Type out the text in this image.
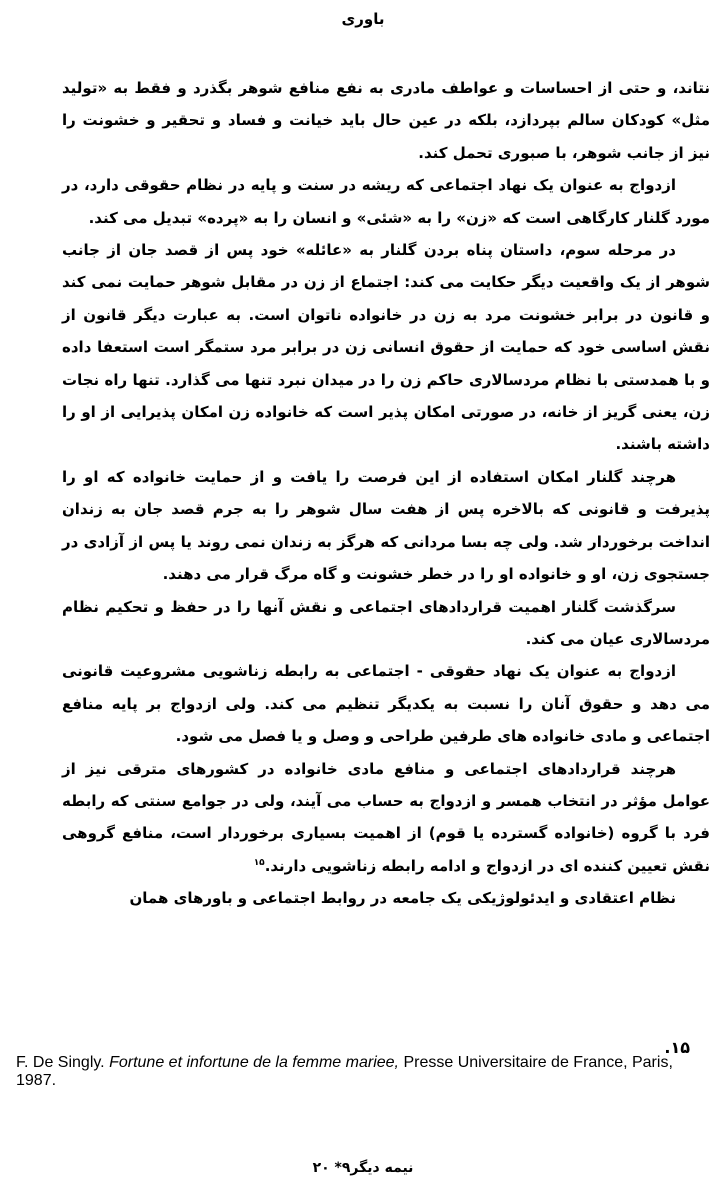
باوری

نتاند، و حتی از احساسات و عواطف مادری به نفع منافع شوهر بگذرد و فقط به «تولید مثل» کودکان سالم بپردازد، بلکه در عین حال باید خیانت و فساد و تحقیر و خشونت را نیز از جانب شوهر، با صبوری تحمل کند.

ازدواج به عنوان یک نهاد اجتماعی که ریشه در سنت و پایه در نظام حقوقی دارد، در مورد گلنار کارگاهی است که «زن» را به «شئی» و انسان را به «پرده» تبدیل می کند.

در مرحله سوم، داستان پناه بردن گلنار به «عائله» خود پس از قصد جان از جانب شوهر از یک واقعیت دیگر حکایت می کند: اجتماع از زن در مقابل شوهر حمایت نمی کند و قانون در برابر خشونت مرد به زن در خانواده ناتوان است. به عبارت دیگر قانون از نقش اساسی خود که حمایت از حقوق انسانی زن در برابر مرد ستمگر است استعفا داده و با همدستی با نظام مردسالاری حاکم زن را در میدان نبرد تنها می گذارد. تنها راه نجات زن، یعنی گریز از خانه، در صورتی امکان پذیر است که خانواده زن امکان پذیرایی از او را داشته باشند.

هرچند گلنار امکان استفاده از این فرصت را یافت و از حمایت خانواده که او را پذیرفت و قانونی که بالاخره پس از هفت سال شوهر را به جرم قصد جان به زندان انداخت برخوردار شد. ولی چه بسا مردانی که هرگز به زندان نمی روند یا پس از آزادی در جستجوی زن، او و خانواده او را در خطر خشونت و گاه مرگ قرار می دهند.

سرگذشت گلنار اهمیت قراردادهای اجتماعی و نقش آنها را در حفظ و تحکیم نظام مردسالاری عیان می کند.

ازدواج به عنوان یک نهاد حقوقی - اجتماعی به رابطه زناشویی مشروعیت قانونی می دهد و حقوق آنان را نسبت به یکدیگر تنظیم می کند. ولی ازدواج بر پایه منافع اجتماعی و مادی خانواده های طرفین طراحی و وصل و یا فصل می شود.

هرچند قراردادهای اجتماعی و منافع مادی خانواده در کشورهای مترقی نیز از عوامل مؤثر در انتخاب همسر و ازدواج به حساب می آیند، ولی در جوامع سنتی که رابطه فرد با گروه (خانواده گسترده یا قوم) از اهمیت بسیاری برخوردار است، منافع گروهی نقش تعیین کننده ای در ازدواج و ادامه رابطه زناشویی دارند.$^{۱۵}$

نظام اعتقادی و ایدئولوژیکی یک جامعه در روابط اجتماعی و باورهای همان

۱۵.
F. De Singly. Fortune et infortune de la femme mariee, Presse Universitaire de France, Paris, 1987.
نیمه دیگر۹* ۲۰
